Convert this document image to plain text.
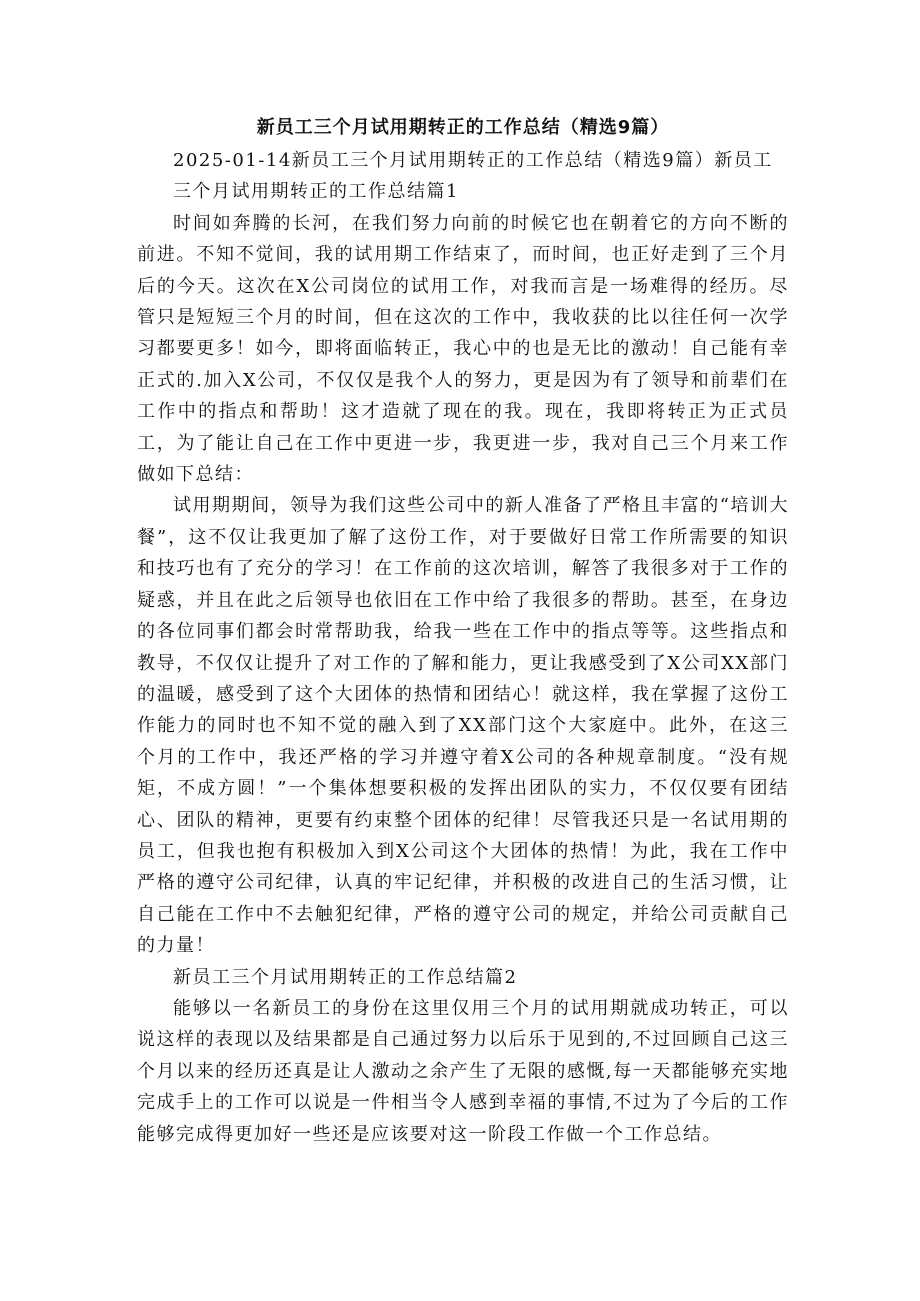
新员工三个月试用期转正的工作总结（精选9篇）
2025-01-14新员工三个月试用期转正的工作总结（精选9篇）新员工三个月试用期转正的工作总结篇1

时间如奔腾的长河，在我们努力向前的时候它也在朝着它的方向不断的前进。不知不觉间，我的试用期工作结束了，而时间，也正好走到了三个月后的今天。这次在X公司岗位的试用工作，对我而言是一场难得的经历。尽管只是短短三个月的时间，但在这次的工作中，我收获的比以往任何一次学习都要更多！如今，即将面临转正，我心中的也是无比的激动！自己能有幸正式的.加入X公司，不仅仅是我个人的努力，更是因为有了领导和前辈们在工作中的指点和帮助！这才造就了现在的我。现在，我即将转正为正式员工，为了能让自己在工作中更进一步，我更进一步，我对自己三个月来工作做如下总结：

试用期期间，领导为我们这些公司中的新人准备了严格且丰富的“培训大餐”，这不仅让我更加了解了这份工作，对于要做好日常工作所需要的知识和技巧也有了充分的学习！在工作前的这次培训，解答了我很多对于工作的疑惑，并且在此之后领导也依旧在工作中给了我很多的帮助。甚至，在身边的各位同事们都会时常帮助我，给我一些在工作中的指点等等。这些指点和教导，不仅仅让提升了对工作的了解和能力，更让我感受到了X公司XX部门的温暖，感受到了这个大团体的热情和团结心！就这样，我在掌握了这份工作能力的同时也不知不觉的融入到了XX部门这个大家庭中。此外，在这三个月的工作中，我还严格的学习并遵守着X公司的各种规章制度。“没有规矩，不成方圆！”一个集体想要积极的发挥出团队的实力，不仅仅要有团结心、团队的精神，更要有约束整个团体的纪律！尽管我还只是一名试用期的员工，但我也抱有积极加入到X公司这个大团体的热情！为此，我在工作中严格的遵守公司纪律，认真的牢记纪律，并积极的改进自己的生活习惯，让自己能在工作中不去触犯纪律，严格的遵守公司的规定，并给公司贡献自己的力量！

新员工三个月试用期转正的工作总结篇2

能够以一名新员工的身份在这里仅用三个月的试用期就成功转正，可以说这样的表现以及结果都是自己通过努力以后乐于见到的,不过回顾自己这三个月以来的经历还真是让人激动之余产生了无限的感慨,每一天都能够充实地完成手上的工作可以说是一件相当令人感到幸福的事情,不过为了今后的工作能够完成得更加好一些还是应该要对这一阶段工作做一个工作总结。
